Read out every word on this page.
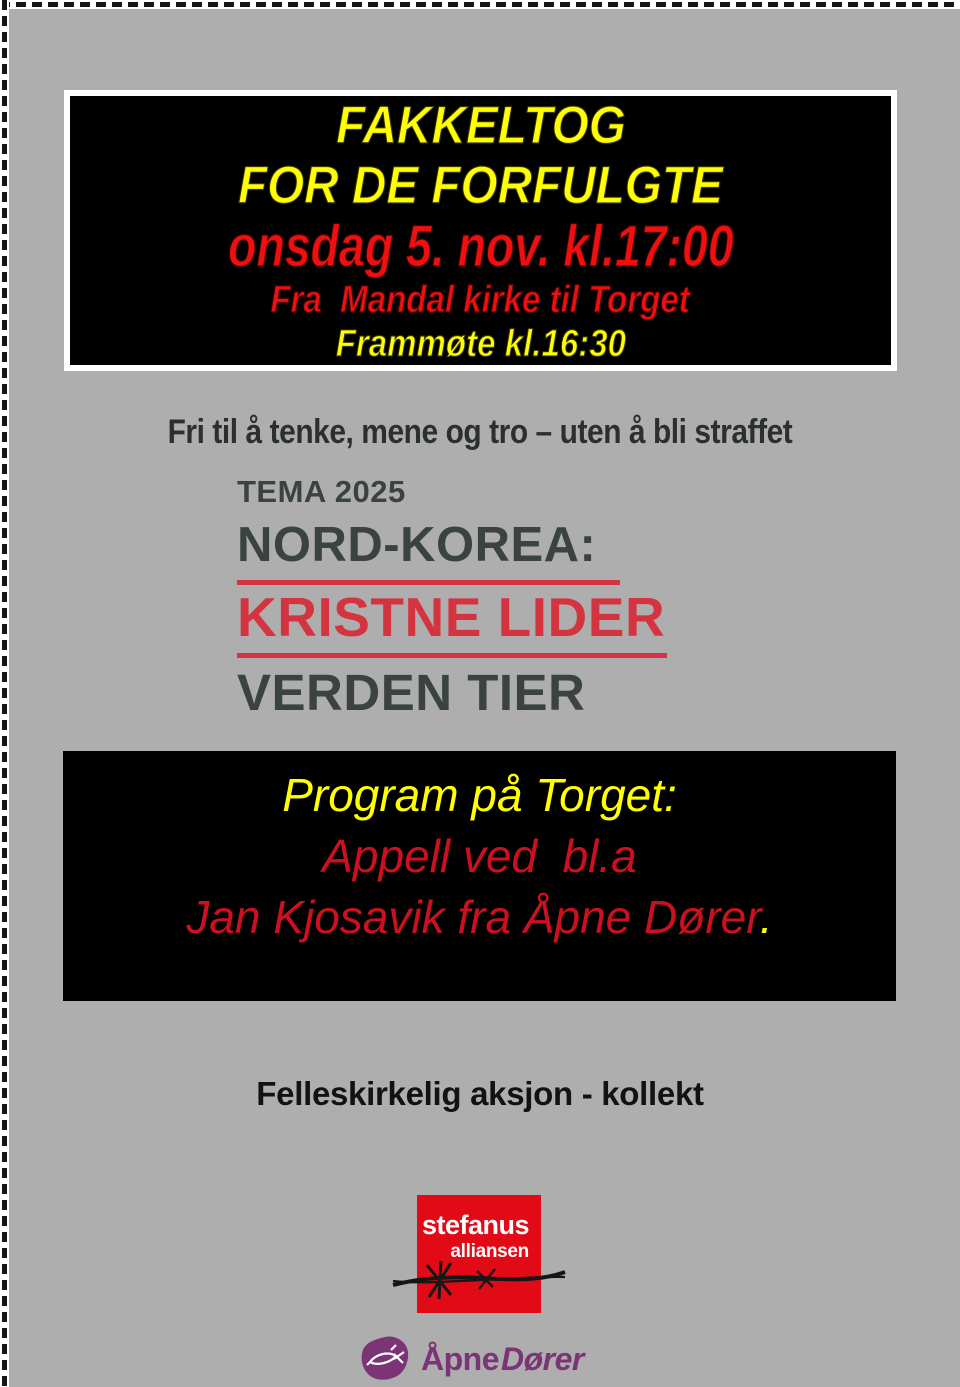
FAKKELTOG
FOR DE FORFULGTE
onsdag 5. nov. kl.17:00
Fra  Mandal kirke til Torget
Frammøte kl.16:30
Fri til å tenke, mene og tro – uten å bli straffet
TEMA 2025
NORD-KOREA:
KRISTNE LIDER
VERDEN TIER
Program på Torget:
Appell ved  bl.a
Jan Kjosavik fra Åpne Dører.
Felleskirkelig aksjon - kollekt
stefanus
alliansen
ÅpneDører
